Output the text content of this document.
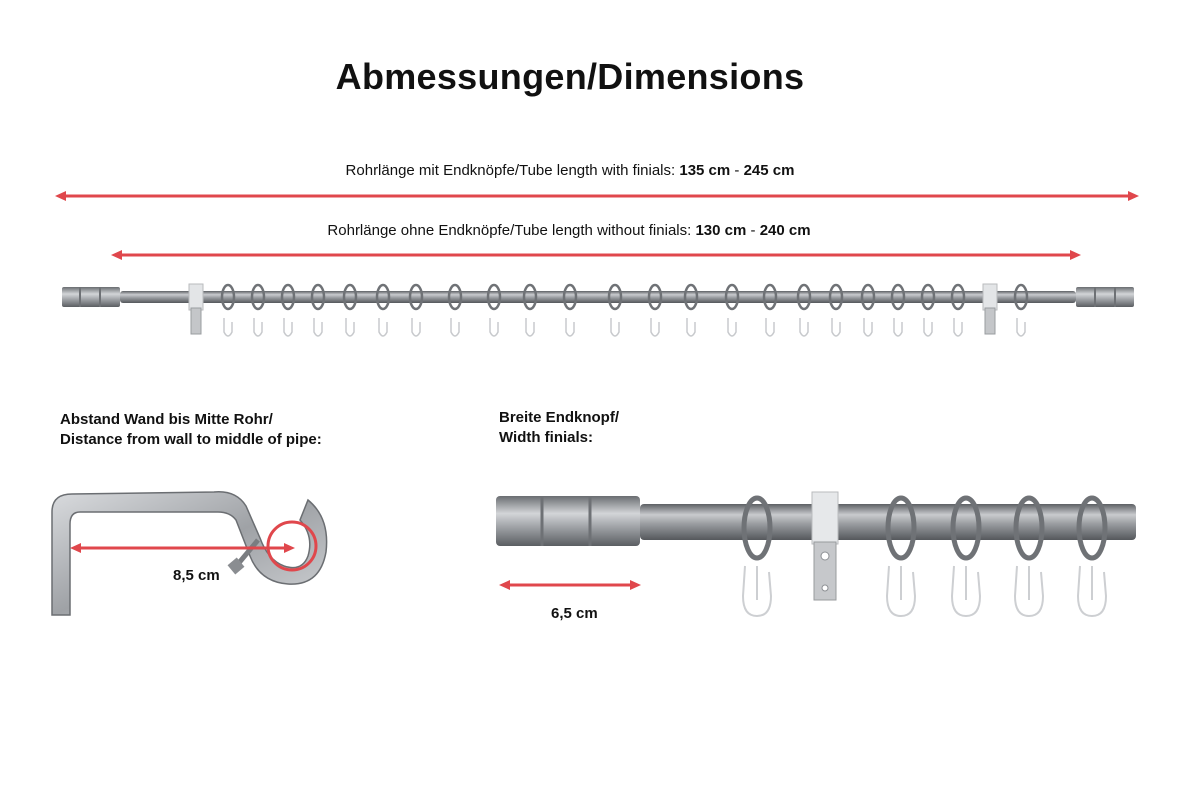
Abmessungen/Dimensions
Rohrlänge mit Endknöpfe/Tube length with finials: 135 cm - 245 cm
Rohrlänge ohne Endknöpfe/Tube length without finials: 130 cm - 240 cm
Abstand Wand bis Mitte Rohr/
Distance from wall to middle of pipe:
8,5 cm
Breite Endknopf/
Width finials:
6,5 cm
